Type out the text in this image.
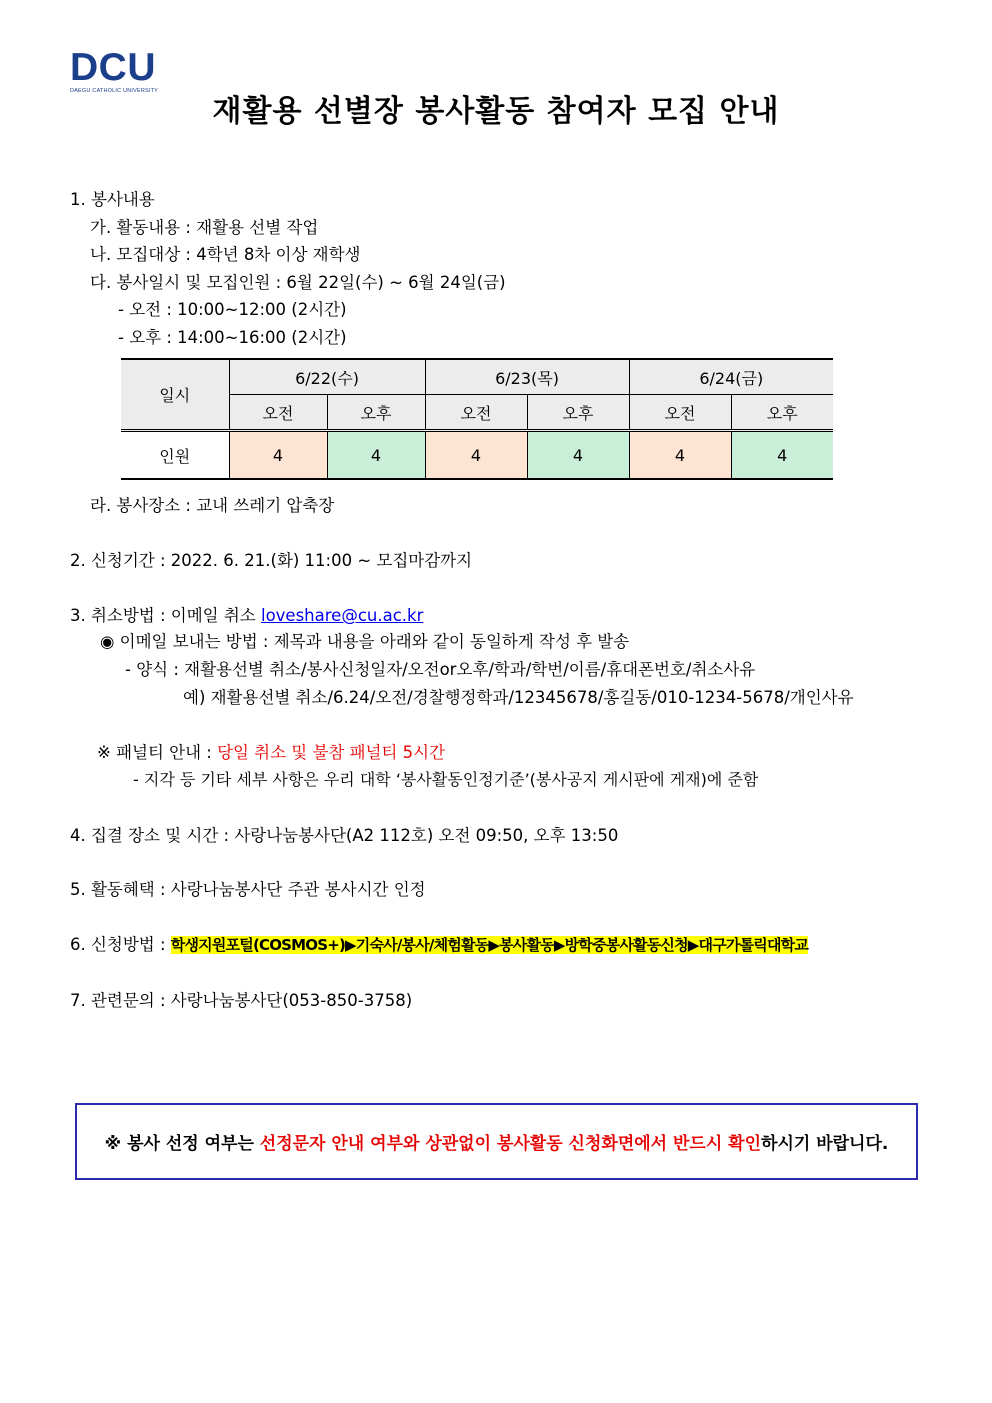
DCU
DAEGU CATHOLIC UNIVERSITY
재활용 선별장 봉사활동 참여자 모집 안내
1. 봉사내용
가. 활동내용 : 재활용 선별 작업
나. 모집대상 : 4학년 8차 이상 재학생
다. 봉사일시 및 모집인원 : 6월 22일(수) ~ 6월 24일(금)
- 오전 : 10:00~12:00 (2시간)
- 오후 : 14:00~16:00 (2시간)
일시	6/22(수)		6/23(목)		6/24(금)	
	오전	오후	오전	오후	오전	오후
인원	4	4	4	4	4	4
라. 봉사장소 : 교내 쓰레기 압축장
2. 신청기간 : 2022. 6. 21.(화) 11:00 ~ 모집마감까지
3. 취소방법 : 이메일 취소 loveshare@cu.ac.kr
◉ 이메일 보내는 방법 : 제목과 내용을 아래와 같이 동일하게 작성 후 발송
- 양식 : 재활용선별 취소/봉사신청일자/오전or오후/학과/학번/이름/휴대폰번호/취소사유
예) 재활용선별 취소/6.24/오전/경찰행정학과/12345678/홍길동/010-1234-5678/개인사유
※ 패널티 안내 : 당일 취소 및 불참 패널티 5시간
- 지각 등 기타 세부 사항은 우리 대학 ‘봉사활동인정기준’(봉사공지 게시판에 게재)에 준함
4. 집결 장소 및 시간 : 사랑나눔봉사단(A2 112호) 오전 09:50, 오후 13:50
5. 활동혜택 : 사랑나눔봉사단 주관 봉사시간 인정
6. 신청방법 : 학생지원포털(COSMOS+)▶기숙사/봉사/체험활동▶봉사활동▶방학중봉사활동신청▶대구가톨릭대학교
7. 관련문의 : 사랑나눔봉사단(053-850-3758)
※ 봉사 선정 여부는 선정문자 안내 여부와 상관없이 봉사활동 신청화면에서 반드시 확인 하시기 바랍니다.
